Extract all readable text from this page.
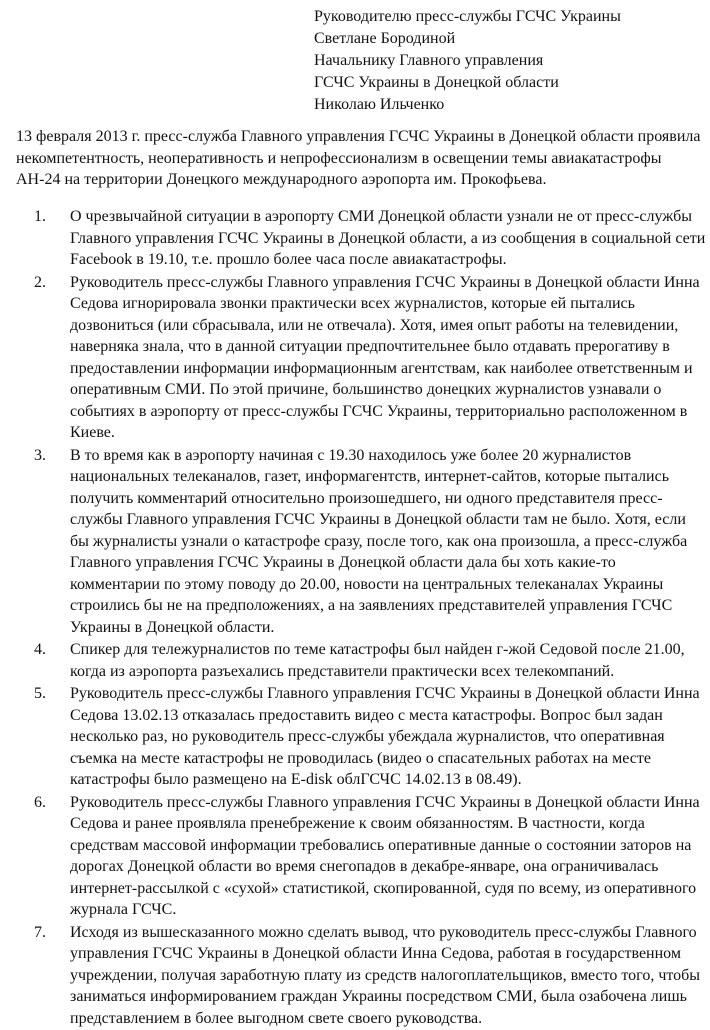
Руководителю пресс-службы ГСЧС Украины
Светлане Бородиной
Начальнику Главного управления
ГСЧС Украины в Донецкой области
Николаю Ильченко
13 февраля 2013 г. пресс-служба Главного управления ГСЧС Украины в Донецкой области проявила некомпетентность, неоперативность и непрофессионализм в освещении темы авиакатастрофы АН-24 на территории Донецкого международного аэропорта им. Прокофьева.
1.	О чрезвычайной ситуации в аэропорту СМИ Донецкой области узнали не от пресс-службы Главного управления ГСЧС Украины в Донецкой области, а из сообщения в социальной сети Facebook в 19.10, т.е. прошло более часа после авиакатастрофы.
2.	Руководитель пресс-службы Главного управления ГСЧС Украины в Донецкой области Инна Седова игнорировала звонки практически всех журналистов, которые ей пытались дозвониться (или сбрасывала, или не отвечала). Хотя, имея опыт работы на телевидении, наверняка знала, что в данной ситуации предпочтительнее было отдавать прерогативу в предоставлении информации информационным агентствам, как наиболее ответственным и оперативным СМИ. По этой причине, большинство донецких журналистов узнавали о событиях в аэропорту от пресс-службы ГСЧС Украины, территориально расположенном в Киеве.
3.	В то время как в аэропорту начиная с 19.30 находилось уже более 20 журналистов национальных телеканалов, газет, информагентств, интернет-сайтов, которые пытались получить комментарий относительно произошедшего, ни одного представителя пресс-службы Главного управления ГСЧС Украины в Донецкой области там не было. Хотя, если бы журналисты узнали о катастрофе сразу, после того, как она произошла, а пресс-служба Главного управления ГСЧС Украины в Донецкой области дала бы хоть какие-то комментарии по этому поводу до 20.00, новости на центральных телеканалах Украины строились бы не на предположениях, а на заявлениях представителей управления ГСЧС Украины в Донецкой области.
4.	Спикер для тележурналистов по теме катастрофы был найден г-жой Седовой после 21.00, когда из аэропорта разъехались представители практически всех телекомпаний.
5.	Руководитель пресс-службы Главного управления ГСЧС Украины в Донецкой области Инна Седова 13.02.13 отказалась предоставить видео с места катастрофы. Вопрос был задан несколько раз, но руководитель пресс-службы убеждала журналистов, что оперативная съемка на месте катастрофы не проводилась (видео о спасательных работах на месте катастрофы было размещено на E-disk облГСЧС 14.02.13 в 08.49).
6.	Руководитель пресс-службы Главного управления ГСЧС Украины в Донецкой области Инна Седова и ранее проявляла пренебрежение к своим обязанностям. В частности, когда средствам массовой информации требовались оперативные данные о состоянии заторов на дорогах Донецкой области во время снегопадов в декабре-январе, она ограничивалась интернет-рассылкой с «сухой» статистикой, скопированной, судя по всему, из оперативного журнала ГСЧС.
7.	Исходя из вышесказанного можно сделать вывод, что руководитель пресс-службы Главного управления ГСЧС Украины в Донецкой области Инна Седова, работая в государственном учреждении, получая заработную плату из средств налогоплательщиков, вместо того, чтобы заниматься информированием граждан Украины посредством СМИ, была озабочена лишь представлением в более выгодном свете своего руководства.
